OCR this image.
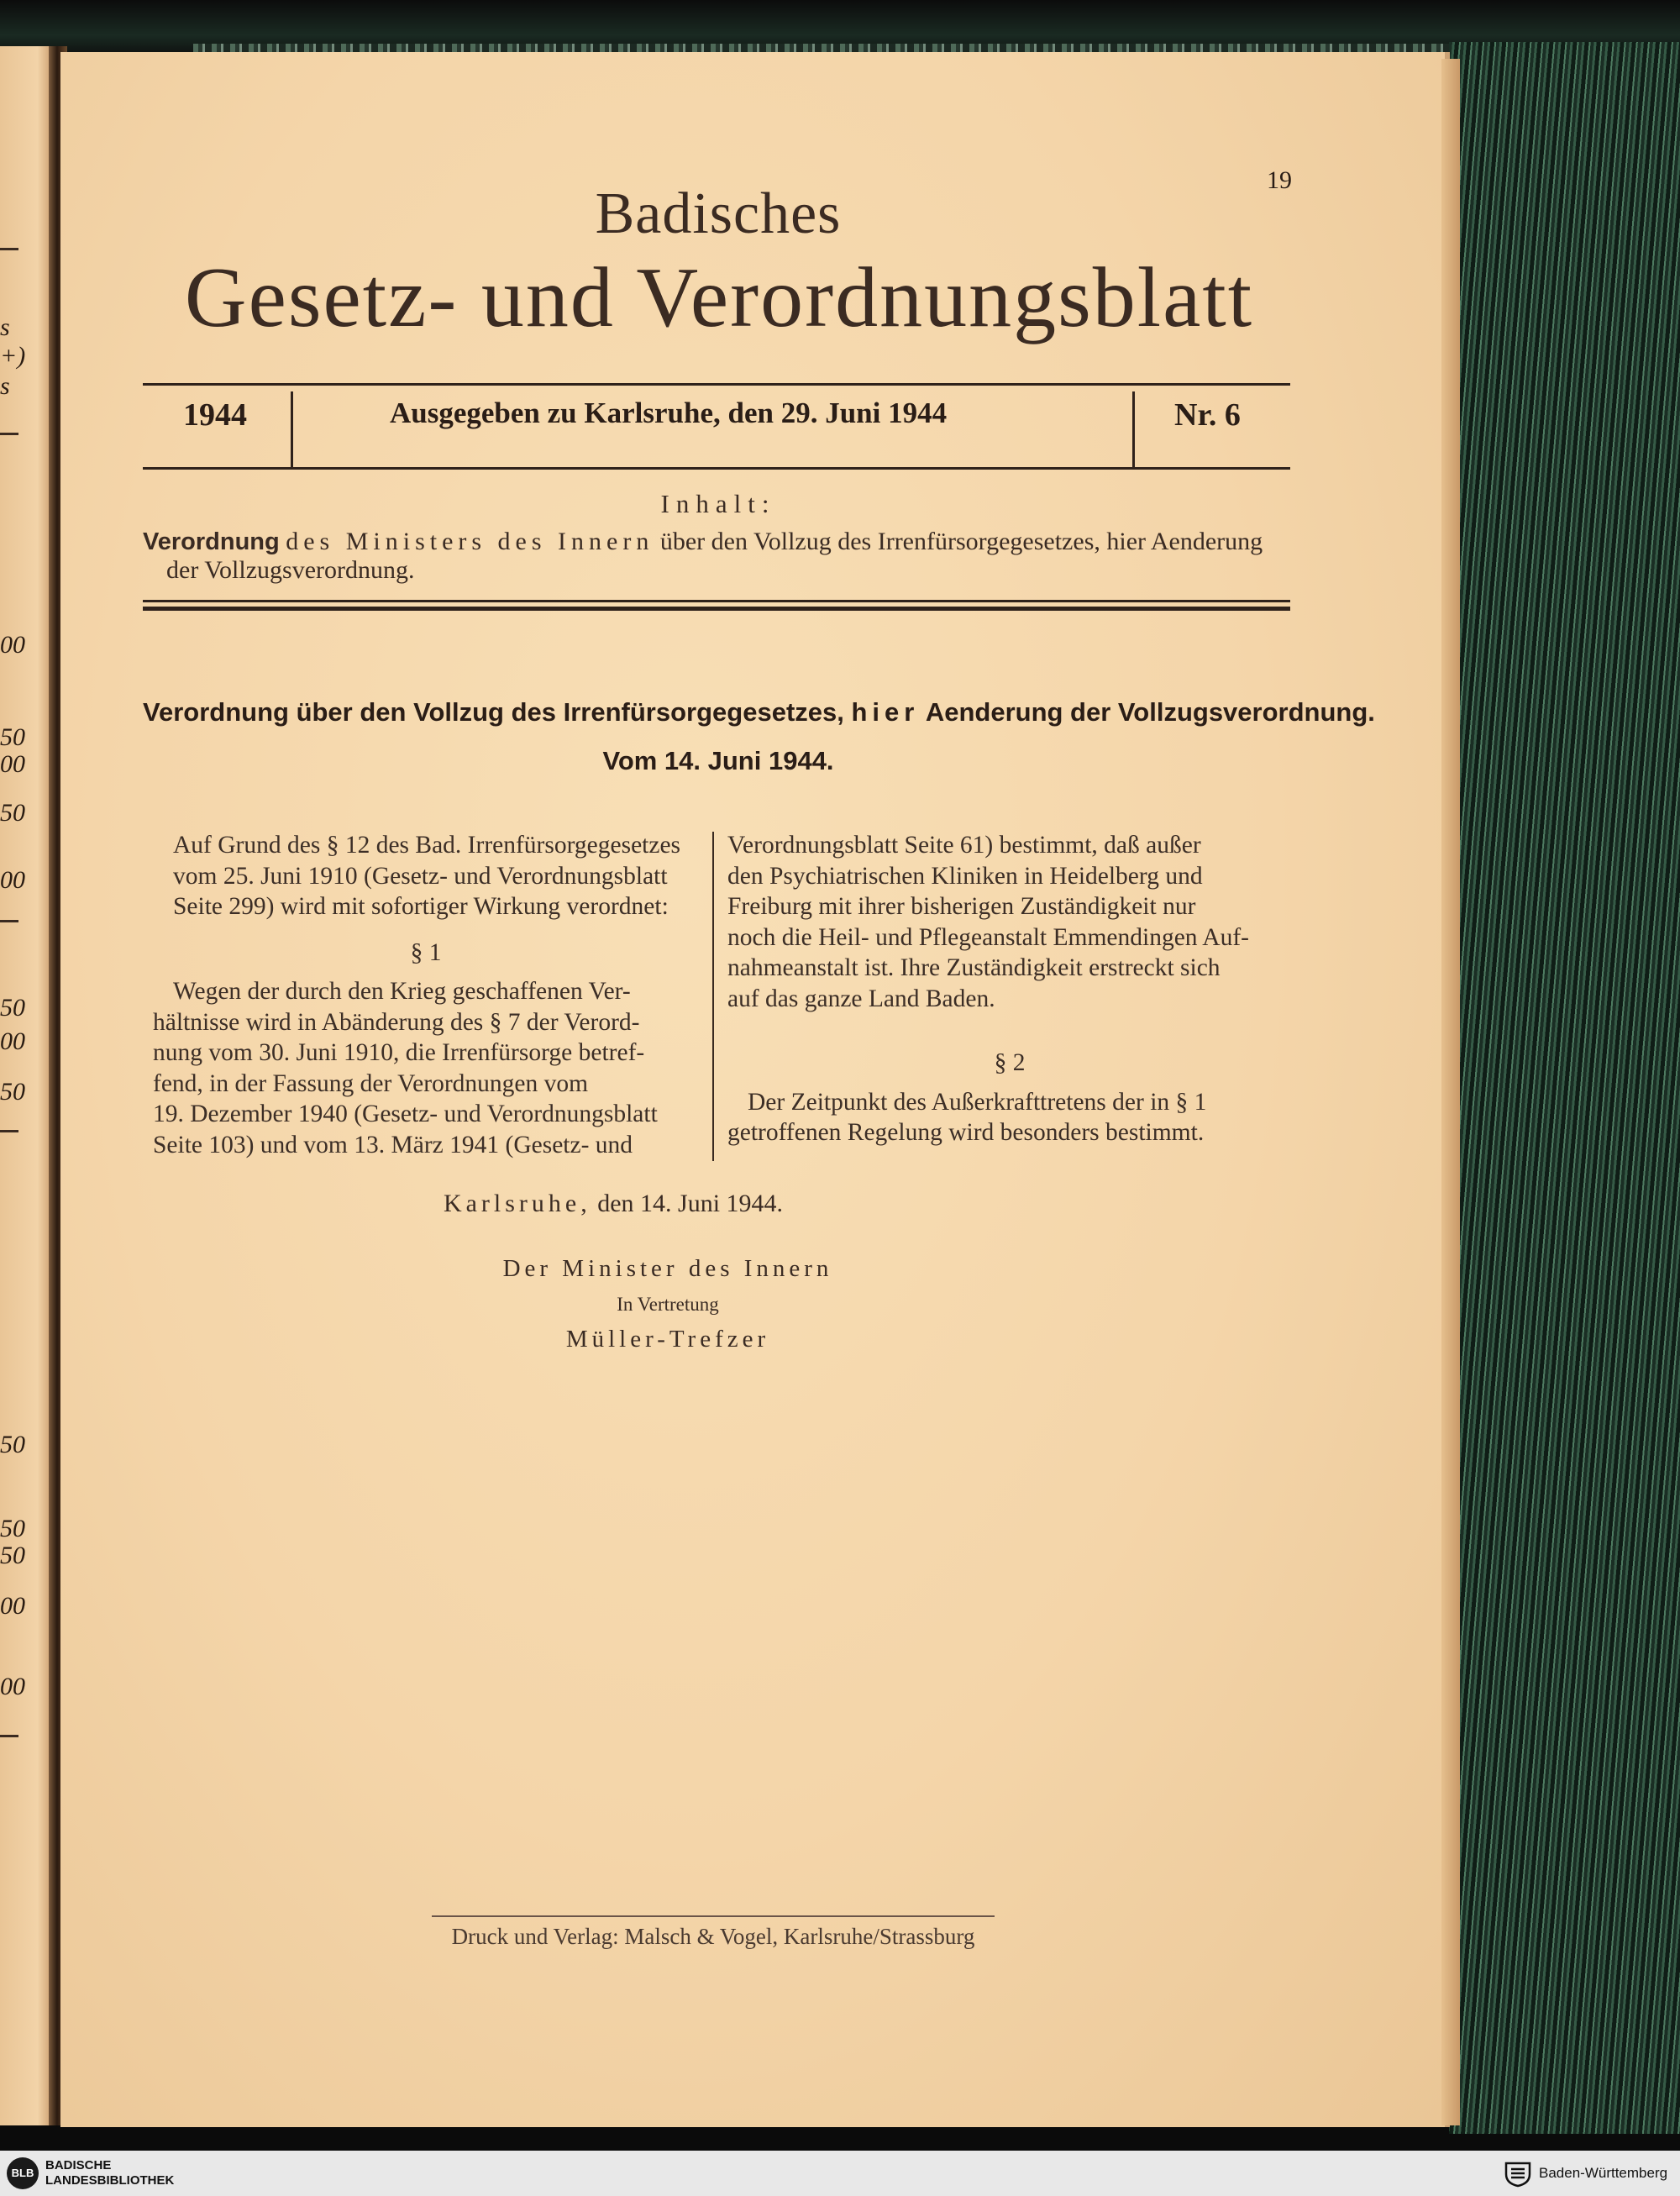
s
+)
s
00
50
00
50
00
50
00
50
50
50
50
00
00
19
Badisches
Gesetz- und Verordnungsblatt
1944	Ausgegeben zu Karlsruhe, den 29. Juni 1944	Nr. 6
Inhalt:
Verordnung des Ministers des Innern über den Vollzug des Irrenfürsorgegesetzes, hier Aenderung
der Vollzugsverordnung.
Verordnung über den Vollzug des Irrenfürsorgegesetzes, hier Aenderung der Vollzugsverordnung.
Vom 14. Juni 1944.

Auf Grund des § 12 des Bad. Irrenfürsorgegesetzes
vom 25. Juni 1910 (Gesetz- und Verordnungsblatt
Seite 299) wird mit sofortiger Wirkung verordnet:

§ 1

Wegen der durch den Krieg geschaffenen Ver-
hältnisse wird in Abänderung des § 7 der Verord-
nung vom 30. Juni 1910, die Irrenfürsorge betref-
fend, in der Fassung der Verordnungen vom
19. Dezember 1940 (Gesetz- und Verordnungsblatt
Seite 103) und vom 13. März 1941 (Gesetz- und

Verordnungsblatt Seite 61) bestimmt, daß außer
den Psychiatrischen Kliniken in Heidelberg und
Freiburg mit ihrer bisherigen Zuständigkeit nur
noch die Heil- und Pflegeanstalt Emmendingen Auf-
nahmeanstalt ist. Ihre Zuständigkeit erstreckt sich
auf das ganze Land Baden.

§ 2

Der Zeitpunkt des Außerkrafttretens der in § 1
getroffenen Regelung wird besonders bestimmt.

Karlsruhe, den 14. Juni 1944.
Der Minister des Innern
In Vertretung
Müller-Trefzer
Druck und Verlag: Malsch & Vogel, Karlsruhe/Strassburg
BLB
BADISCHE
LANDESBIBLIOTHEK	Baden-Württemberg
